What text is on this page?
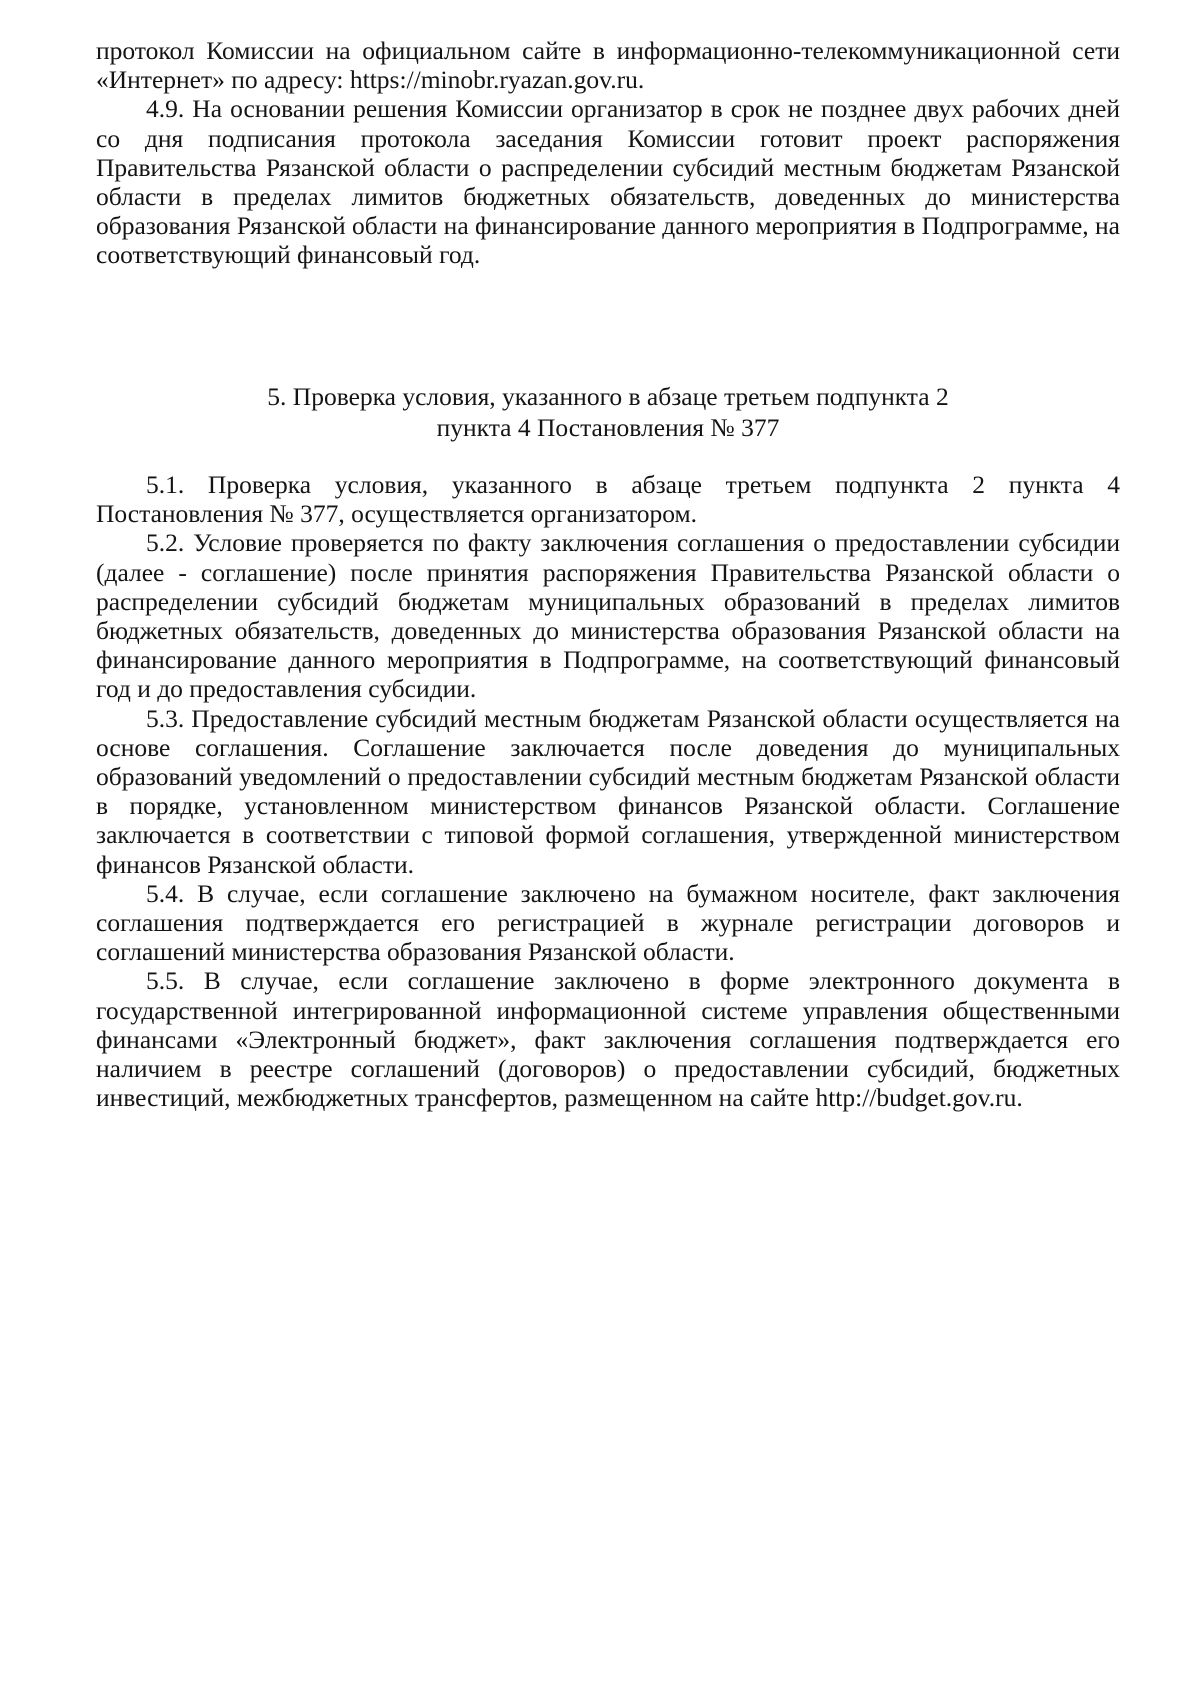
протокол Комиссии на официальном сайте в информационно-телекоммуникационной сети «Интернет» по адресу: https://minobr.ryazan.gov.ru.

4.9. На основании решения Комиссии организатор в срок не позднее двух рабочих дней со дня подписания протокола заседания Комиссии готовит проект распоряжения Правительства Рязанской области о распределении субсидий местным бюджетам Рязанской области в пределах лимитов бюджетных обязательств, доведенных до министерства образования Рязанской области на финансирование данного мероприятия в Подпрограмме, на соответствующий финансовый год.

5. Проверка условия, указанного в абзаце третьем подпункта 2
пункта 4 Постановления № 377

5.1. Проверка условия, указанного в абзаце третьем подпункта 2 пункта 4 Постановления № 377, осуществляется организатором.

5.2. Условие проверяется по факту заключения соглашения о предоставлении субсидии (далее - соглашение) после принятия распоряжения Правительства Рязанской области о распределении субсидий бюджетам муниципальных образований в пределах лимитов бюджетных обязательств, доведенных до министерства образования Рязанской области на финансирование данного мероприятия в Подпрограмме, на соответствующий финансовый год и до предоставления субсидии.

5.3. Предоставление субсидий местным бюджетам Рязанской области осуществляется на основе соглашения. Соглашение заключается после доведения до муниципальных образований уведомлений о предоставлении субсидий местным бюджетам Рязанской области в порядке, установленном министерством финансов Рязанской области. Соглашение заключается в соответствии с типовой формой соглашения, утвержденной министерством финансов Рязанской области.

5.4. В случае, если соглашение заключено на бумажном носителе, факт заключения соглашения подтверждается его регистрацией в журнале регистрации договоров и соглашений министерства образования Рязанской области.

5.5. В случае, если соглашение заключено в форме электронного документа в государственной интегрированной информационной системе управления общественными финансами «Электронный бюджет», факт заключения соглашения подтверждается его наличием в реестре соглашений (договоров) о предоставлении субсидий, бюджетных инвестиций, межбюджетных трансфертов, размещенном на сайте http://budget.gov.ru.
